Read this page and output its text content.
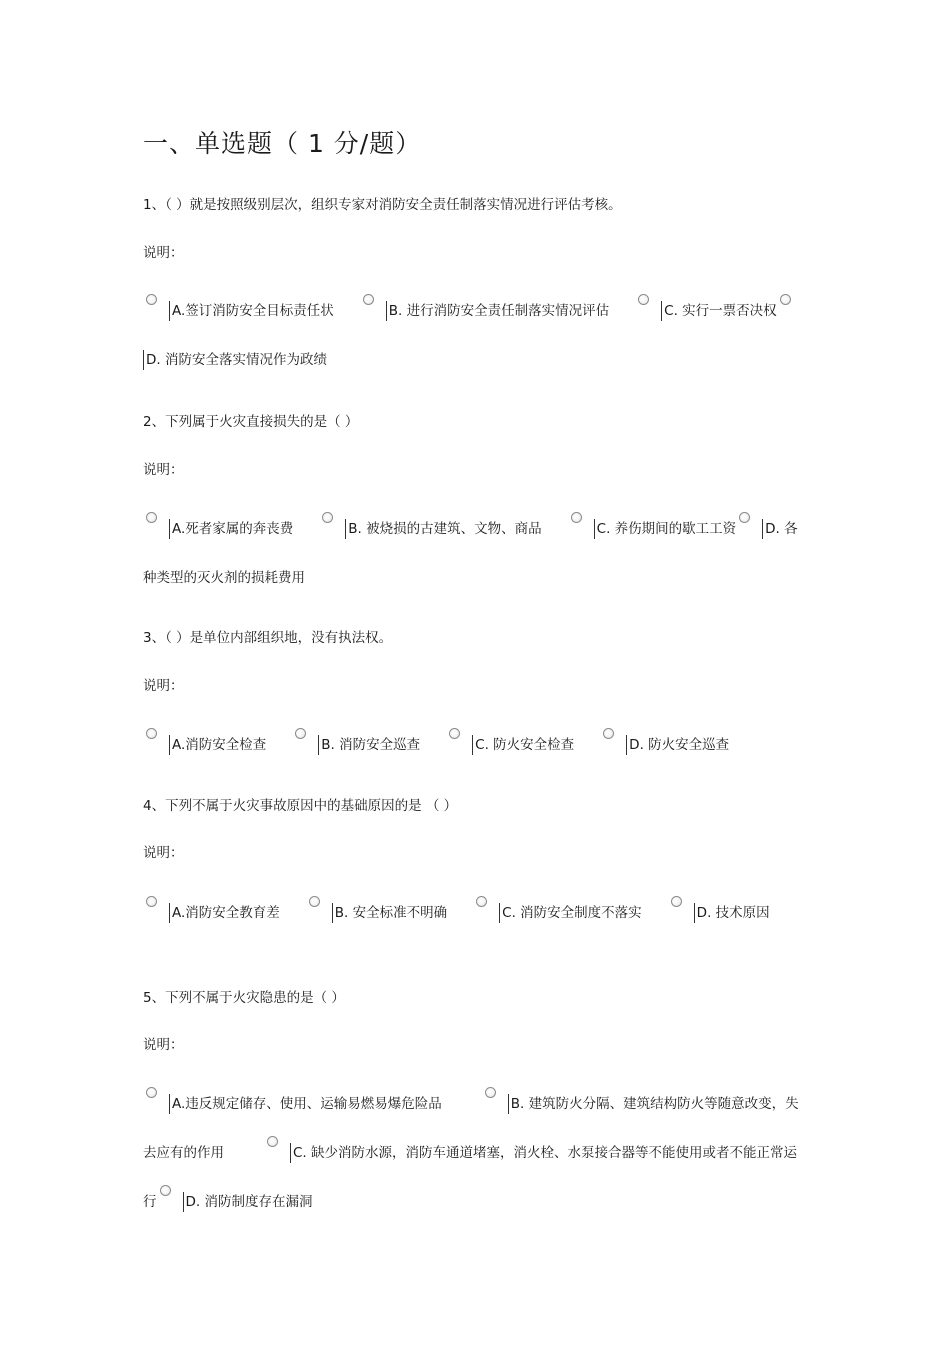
一、单选题（ 1 分/题）
1、（ ）就是按照级别层次，组织专家对消防安全责任制落实情况进行评估考核。
说明：
A.签订消防安全目标责任状	B. 进行消防安全责任制落实情况评估	C. 实行一票否决权D. 消防安全落实情况作为政绩
2、下列属于火灾直接损失的是（ ）
说明：
A.死者家属的奔丧费	B. 被烧损的古建筑、文物、商品	C. 养伤期间的歇工工资 D. 各种类型的灭火剂的损耗费用
3、（ ）是单位内部组织地，没有执法权。
说明：
A.消防安全检查	B. 消防安全巡查	C. 防火安全检查	D. 防火安全巡查
4、下列不属于火灾事故原因中的基础原因的是 （ ）
说明：
A.消防安全教育差	B. 安全标准不明确	C. 消防安全制度不落实	D. 技术原因
5、下列不属于火灾隐患的是（ ）
说明：
A.违反规定储存、使用、运输易燃易爆危险品	B. 建筑防火分隔、建筑结构防火等随意改变，失去应有的作用	C. 缺少消防水源，消防车通道堵塞，消火栓、水泵接合器等不能使用或者不能正常运行 D. 消防制度存在漏洞
